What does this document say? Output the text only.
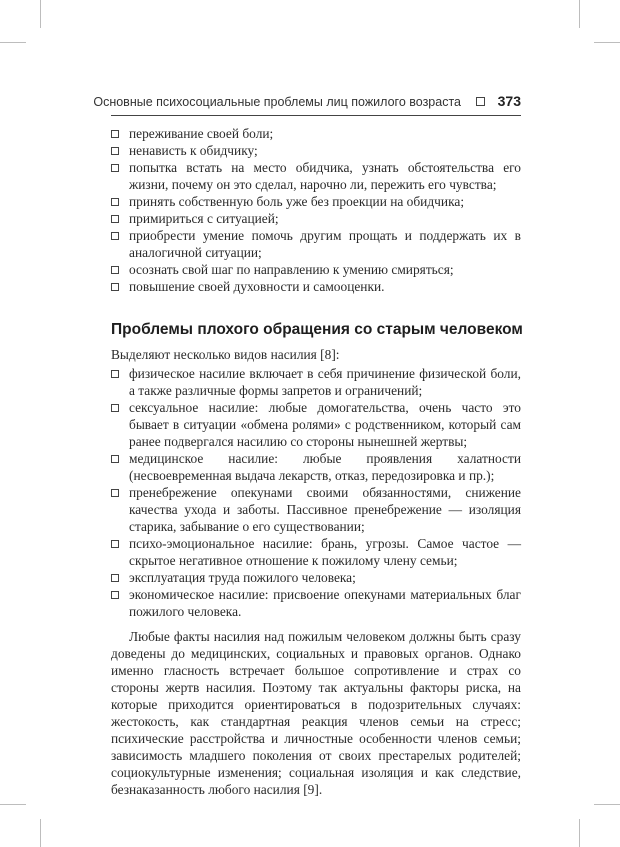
Основные психосоциальные проблемы лиц пожилого возраста	373
переживание своей боли;
ненависть к обидчику;
попытка встать на место обидчика, узнать обстоятельства его жизни, почему он это сделал, нарочно ли, пережить его чувства;
принять собственную боль уже без проекции на обидчика;
примириться с ситуацией;
приобрести умение помочь другим прощать и поддержать их в аналогичной ситуации;
осознать свой шаг по направлению к умению смиряться;
повышение своей духовности и самооценки.
Проблемы плохого обращения со старым человеком

Выделяют несколько видов насилия [8]:

физическое насилие включает в себя причинение физической боли, а также различные формы запретов и ограничений;
сексуальное насилие: любые домогательства, очень часто это бывает в ситуации «обмена ролями» с родственником, который сам ранее подвергался насилию со стороны нынешней жертвы;
медицинское насилие: любые проявления халатности (несвоевременная выдача лекарств, отказ, передозировка и пр.);
пренебрежение опекунами своими обязанностями, снижение качества ухода и заботы. Пассивное пренебрежение — изоляция старика, забывание о его существовании;
психо-эмоциональное насилие: брань, угрозы. Самое частое — скрытое негативное отношение к пожилому члену семьи;
эксплуатация труда пожилого человека;
экономическое насилие: присвоение опекунами материальных благ пожилого человека.

Любые факты насилия над пожилым человеком должны быть сразу доведены до медицинских, социальных и правовых органов. Однако именно гласность встречает большое сопротивление и страх со стороны жертв насилия. Поэтому так актуальны факторы риска, на которые приходится ориентироваться в подозрительных случаях: жестокость, как стандартная реакция членов семьи на стресс; психические расстройства и личностные особенности членов семьи; зависимость младшего поколения от своих престарелых родителей; социокультурные изменения; социальная изоляция и как следствие, безнаказанность любого насилия [9].
